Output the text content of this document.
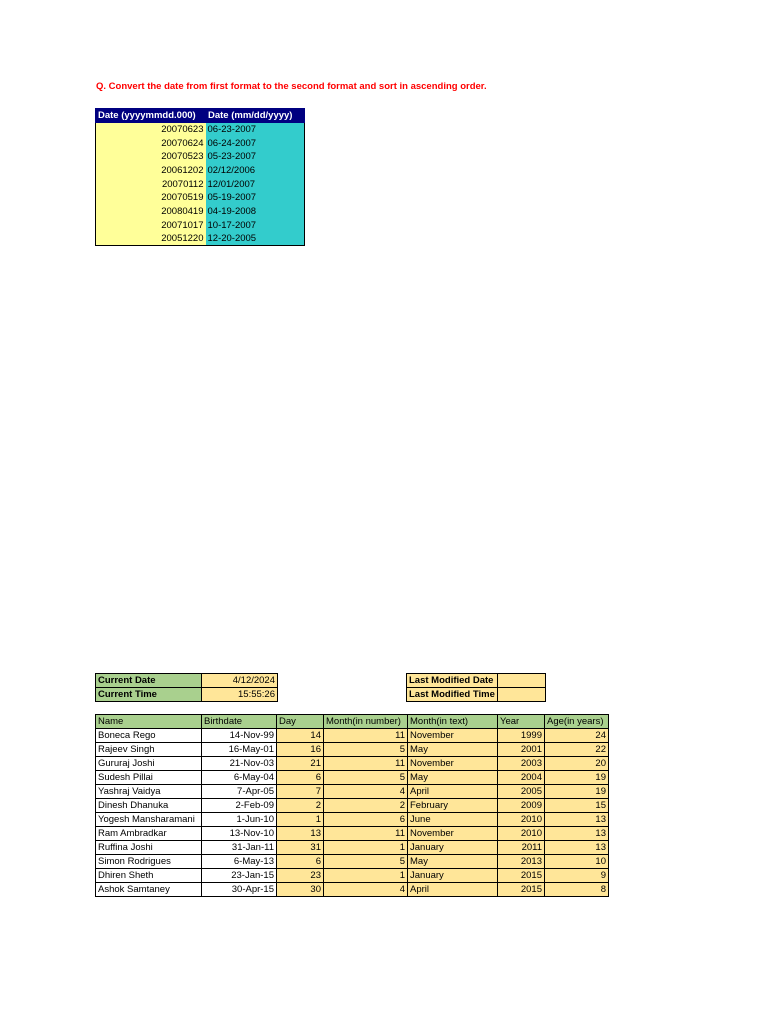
Q. Convert the date from first format to the second format and sort in ascending order.
Date (yyyymmdd.000)	Date (mm/dd/yyyy)
20070623	06-23-2007
20070624	06-24-2007
20070523	05-23-2007
20061202	02/12/2006
20070112	12/01/2007
20070519	05-19-2007
20080419	04-19-2008
20071017	10-17-2007
20051220	12-20-2005
Current Date	4/12/2024
Current Time	15:55:26
Last Modified Date	
Last Modified Time	
Name	Birthdate	Day	Month(in number)	Month(in text)	Year	Age(in years)
Boneca Rego	14-Nov-99	14	11	November	1999	24
Rajeev Singh	16-May-01	16	5	May	2001	22
Gururaj Joshi	21-Nov-03	21	11	November	2003	20
Sudesh Pillai	6-May-04	6	5	May	2004	19
Yashraj Vaidya	7-Apr-05	7	4	April	2005	19
Dinesh Dhanuka	2-Feb-09	2	2	February	2009	15
Yogesh Mansharamani	1-Jun-10	1	6	June	2010	13
Ram Ambradkar	13-Nov-10	13	11	November	2010	13
Ruffina Joshi	31-Jan-11	31	1	January	2011	13
Simon Rodrigues	6-May-13	6	5	May	2013	10
Dhiren Sheth	23-Jan-15	23	1	January	2015	9
Ashok Samtaney	30-Apr-15	30	4	April	2015	8
